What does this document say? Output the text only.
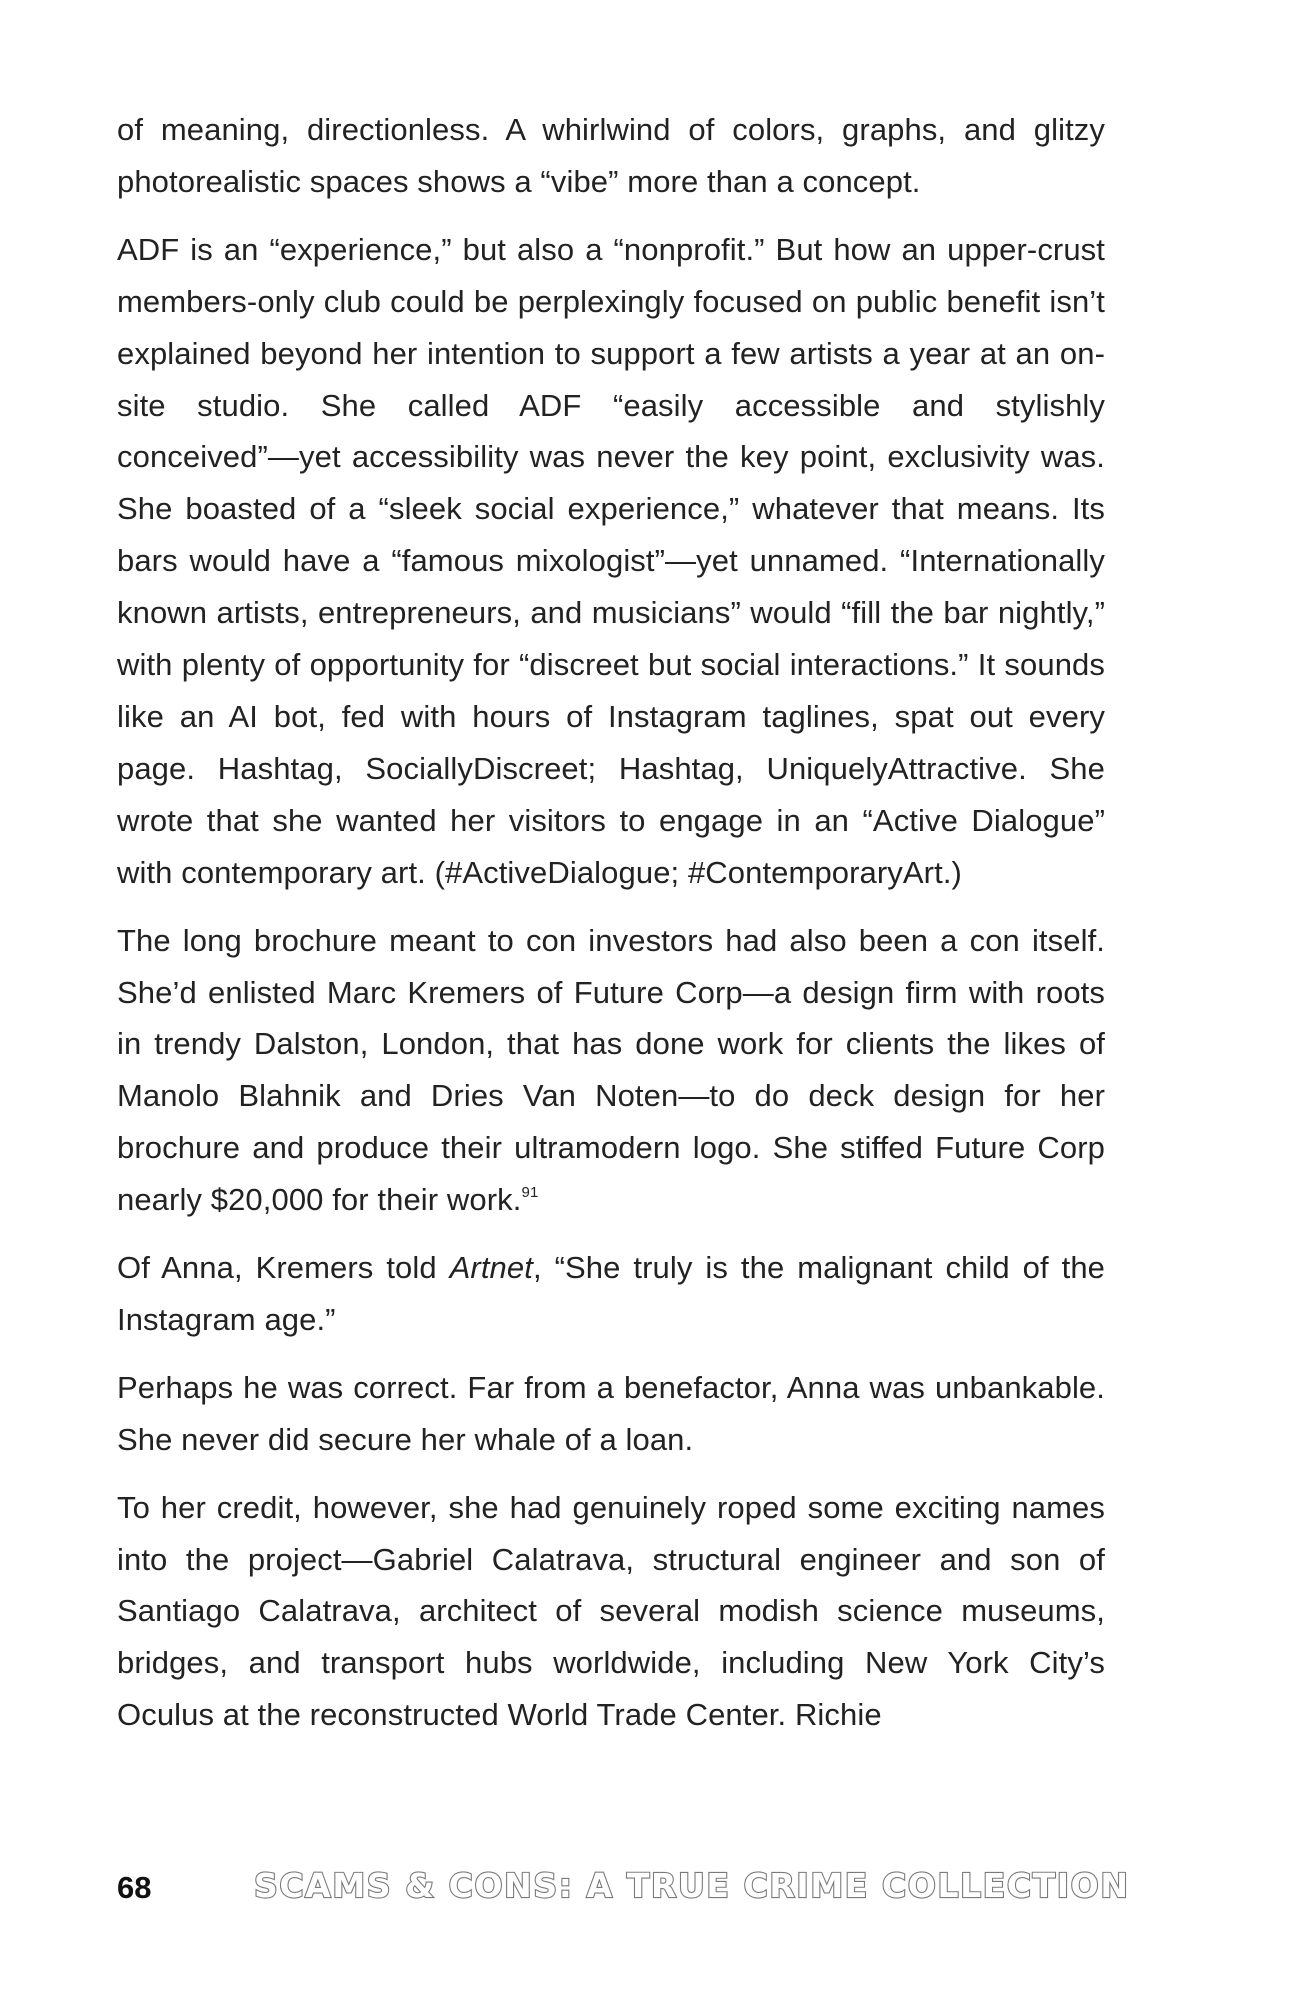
of meaning, directionless. A whirlwind of colors, graphs, and glitzy photorealistic spaces shows a “vibe” more than a concept.

ADF is an “experience,” but also a “nonprofit.” But how an upper-crust members-only club could be perplexingly focused on public benefit isn’t explained beyond her intention to support a few artists a year at an on-site studio. She called ADF “easily accessible and stylishly conceived”—yet accessibility was never the key point, exclusivity was. She boasted of a “sleek social experience,” whatever that means. Its bars would have a “famous mixologist”—yet unnamed. “Internationally known artists, entrepreneurs, and musicians” would “fill the bar nightly,” with plenty of opportunity for “discreet but social interactions.” It sounds like an AI bot, fed with hours of Instagram taglines, spat out every page. Hashtag, SociallyDiscreet; Hashtag, UniquelyAttractive. She wrote that she wanted her visitors to engage in an “Active Dialogue” with contemporary art. (#ActiveDialogue; #ContemporaryArt.)

The long brochure meant to con investors had also been a con itself. She’d enlisted Marc Kremers of Future Corp—a design firm with roots in trendy Dalston, London, that has done work for clients the likes of Manolo Blahnik and Dries Van Noten—to do deck design for her brochure and produce their ultramodern logo. She stiffed Future Corp nearly $20,000 for their work.$^{91}$

Of Anna, Kremers told Artnet, “She truly is the malignant child of the Instagram age.”

Perhaps he was correct. Far from a benefactor, Anna was unbankable. She never did secure her whale of a loan.

To her credit, however, she had genuinely roped some exciting names into the project—Gabriel Calatrava, structural engineer and son of Santiago Calatrava, architect of several modish science museums, bridges, and transport hubs worldwide, including New York City’s Oculus at the reconstructed World Trade Center. Richie

68	SCAMS & CONS: A TRUE CRIME COLLECTION
